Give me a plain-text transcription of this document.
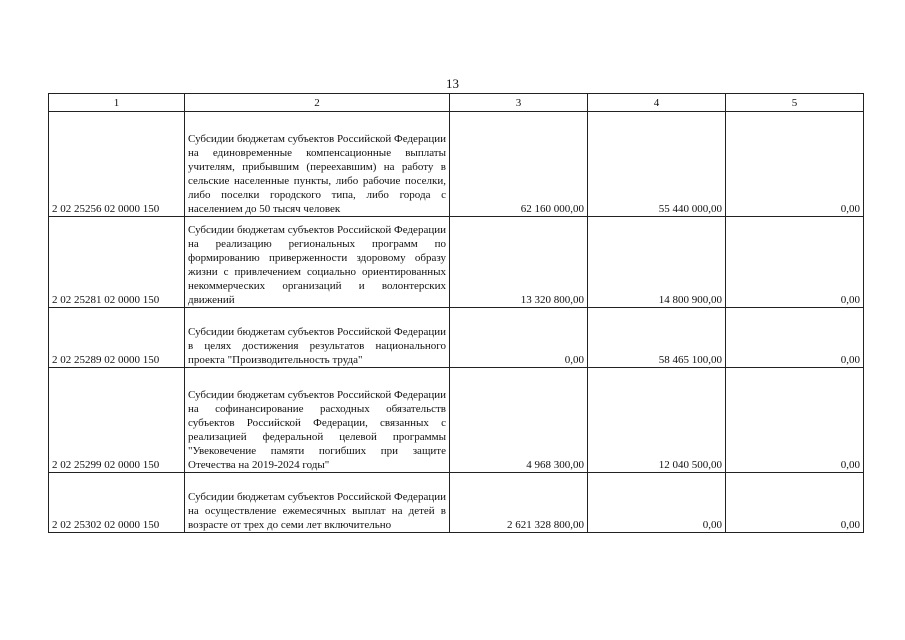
13
1	2	3	4	5
2 02 25256 02 0000 150	Субсидии бюджетам субъектов Российской Федерации на единовременные компенсационные выплаты учителям, прибывшим (переехавшим) на работу в сельские населенные пункты, либо рабочие поселки, либо поселки городского типа, либо города с населением до 50 тысяч человек	62 160 000,00	55 440 000,00	0,00
2 02 25281 02 0000 150	Субсидии бюджетам субъектов Российской Федерации на реализацию региональных программ по формированию приверженности здоровому образу жизни с привлечением социально ориентированных некоммерческих организаций и волонтерских движений	13 320 800,00	14 800 900,00	0,00
2 02 25289 02 0000 150	Субсидии бюджетам субъектов Российской Федерации в целях достижения результатов национального проекта "Производительность труда"	0,00	58 465 100,00	0,00
2 02 25299 02 0000 150	Субсидии бюджетам субъектов Российской Федерации на софинансирование расходных обязательств субъектов Российской Федерации, связанных с реализацией федеральной целевой программы "Увековечение памяти погибших при защите Отечества на 2019-2024 годы"	4 968 300,00	12 040 500,00	0,00
2 02 25302 02 0000 150	Субсидии бюджетам субъектов Российской Федерации на осуществление ежемесячных выплат на детей в возрасте от трех до семи лет включительно	2 621 328 800,00	0,00	0,00
